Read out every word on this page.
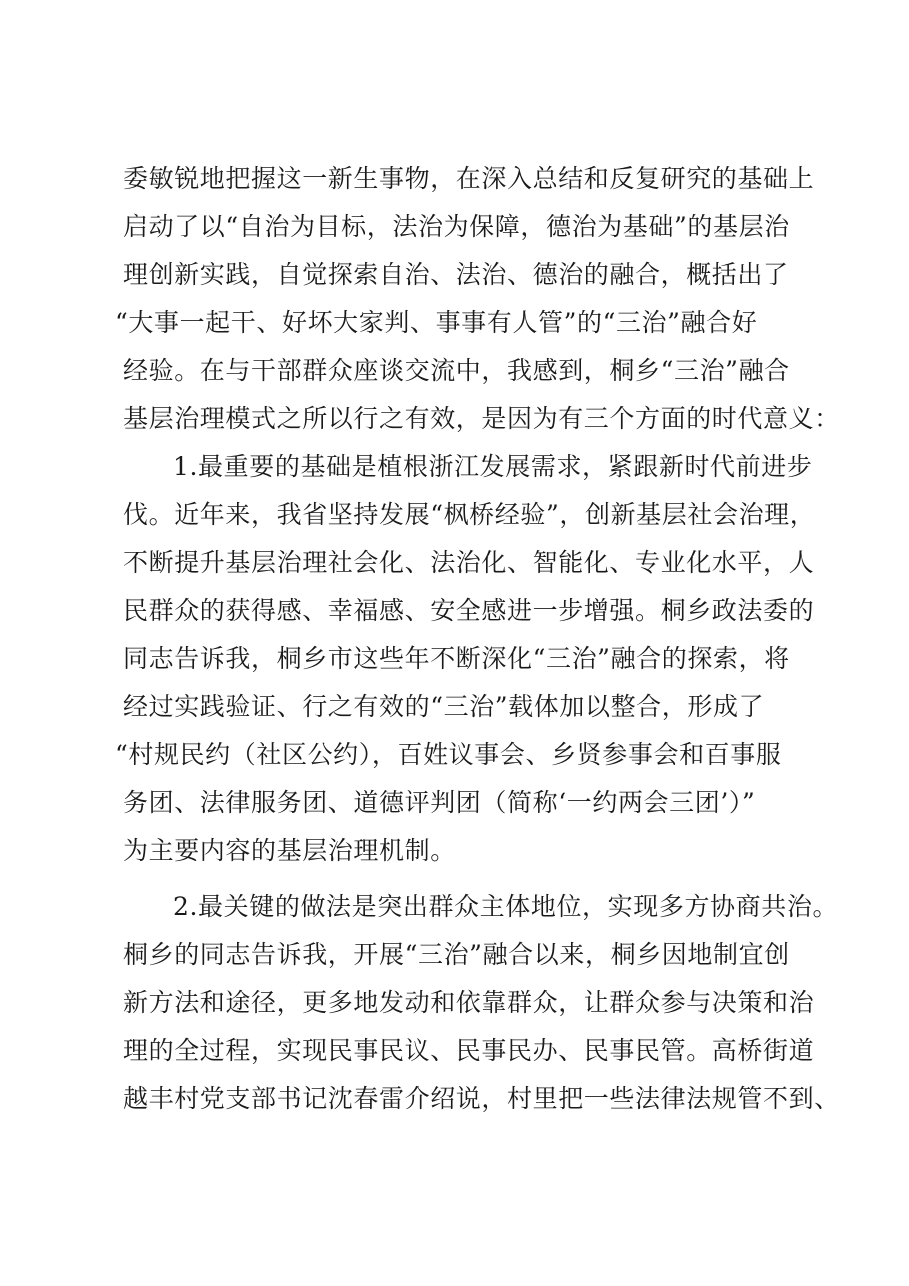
委敏锐地把握这一新生事物，在深入总结和反复研究的基础上

启动了以“自治为目标，法治为保障，德治为基础”的基层治

理创新实践，自觉探索自治、法治、德治的融合，概括出了

“大事一起干、好坏大家判、事事有人管”的“三治”融合好

经验。在与干部群众座谈交流中，我感到，桐乡“三治”融合

基层治理模式之所以行之有效，是因为有三个方面的时代意义：

1.最重要的基础是植根浙江发展需求，紧跟新时代前进步

伐。近年来，我省坚持发展“枫桥经验”，创新基层社会治理，

不断提升基层治理社会化、法治化、智能化、专业化水平，人

民群众的获得感、幸福感、安全感进一步增强。桐乡政法委的

同志告诉我，桐乡市这些年不断深化“三治”融合的探索，将

经过实践验证、行之有效的“三治”载体加以整合，形成了

“村规民约（社区公约），百姓议事会、乡贤参事会和百事服

务团、法律服务团、道德评判团（简称‘一约两会三团’）”

为主要内容的基层治理机制。

2.最关键的做法是突出群众主体地位，实现多方协商共治。

桐乡的同志告诉我，开展“三治”融合以来，桐乡因地制宜创

新方法和途径，更多地发动和依靠群众，让群众参与决策和治

理的全过程，实现民事民议、民事民办、民事民管。高桥街道

越丰村党支部书记沈春雷介绍说，村里把一些法律法规管不到、
